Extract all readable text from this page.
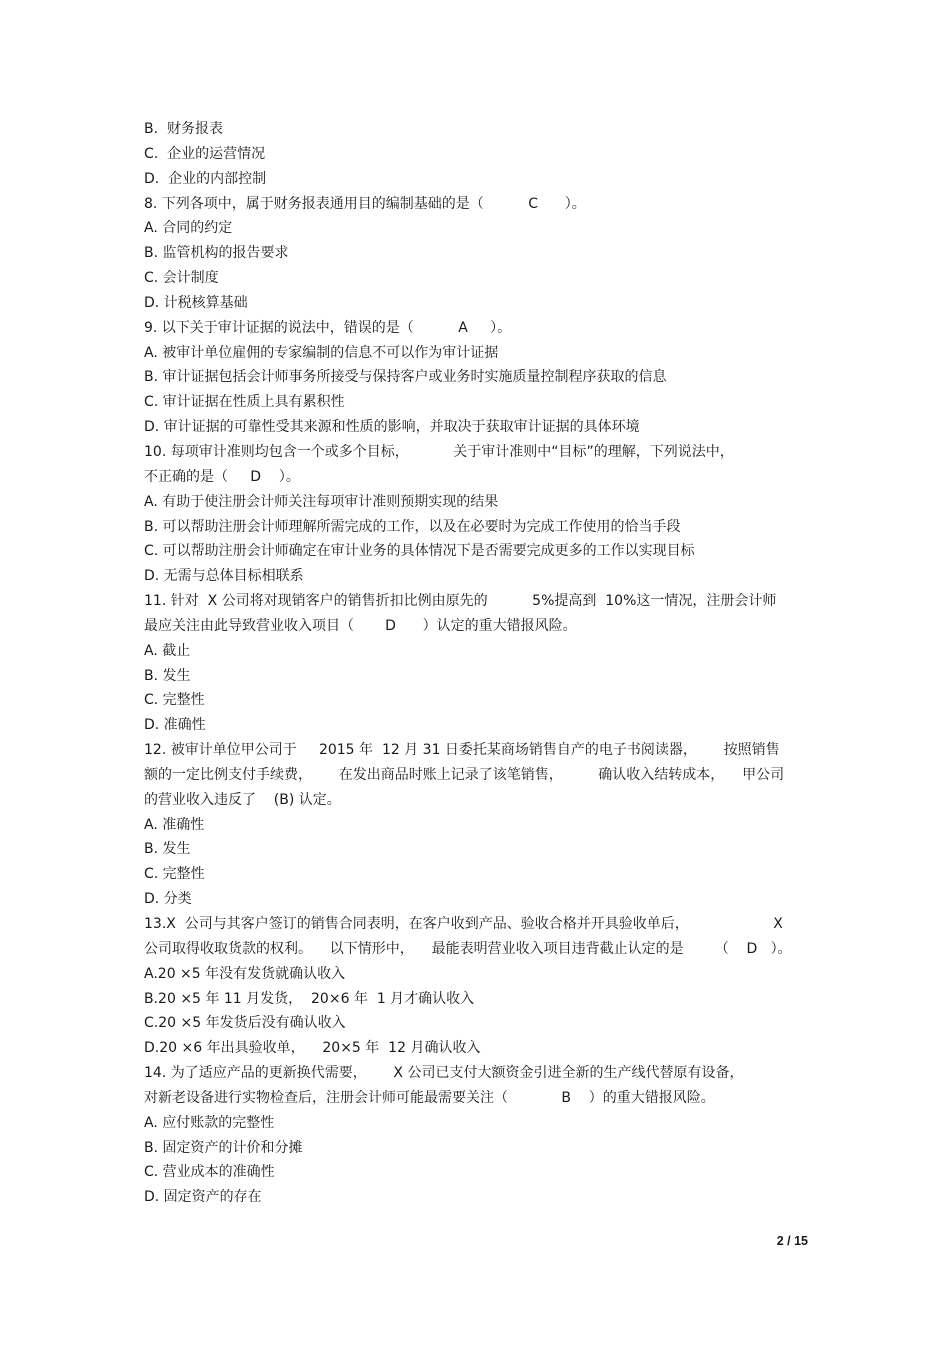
B.  财务报表
C.  企业的运营情况
D.  企业的内部控制
8. 下列各项中，属于财务报表通用目的编制基础的是（          C      ）。
A. 合同的约定
B. 监管机构的报告要求
C. 会计制度
D. 计税核算基础
9. 以下关于审计证据的说法中，错误的是（          A     ）。
A. 被审计单位雇佣的专家编制的信息不可以作为审计证据
B. 审计证据包括会计师事务所接受与保持客户或业务时实施质量控制程序获取的信息
C. 审计证据在性质上具有累积性
D. 审计证据的可靠性受其来源和性质的影响，并取决于获取审计证据的具体环境
10. 每项审计准则均包含一个或多个目标，          关于审计准则中“目标”的理解，下列说法中，
不正确的是（     D    ）。
A. 有助于使注册会计师关注每项审计准则预期实现的结果
B. 可以帮助注册会计师理解所需完成的工作，以及在必要时为完成工作使用的恰当手段
C. 可以帮助注册会计师确定在审计业务的具体情况下是否需要完成更多的工作以实现目标
D. 无需与总体目标相联系
11. 针对  X 公司将对现销客户的销售折扣比例由原先的          5%提高到  10%这一情况，注册会计师
最应关注由此导致营业收入项目（       D      ）认定的重大错报风险。
A. 截止
B. 发生
C. 完整性
D. 准确性
12. 被审计单位甲公司于     2015 年  12 月 31 日委托某商场销售自产的电子书阅读器，      按照销售
额的一定比例支付手续费，      在发出商品时账上记录了该笔销售，        确认收入结转成本，    甲公司
的营业收入违反了    (B) 认定。
A. 准确性
B. 发生
C. 完整性
D. 分类
13.X  公司与其客户签订的销售合同表明，在客户收到产品、验收合格并开具验收单后，                   X
公司取得收取货款的权利。    以下情形中，    最能表明营业收入项目违背截止认定的是       （    D   ）。
A.20 ×5 年没有发货就确认收入
B.20 ×5 年 11 月发货，  20×6 年  1 月才确认收入
C.20 ×5 年发货后没有确认收入
D.20 ×6 年出具验收单，    20×5 年  12 月确认收入
14. 为了适应产品的更新换代需要，      X 公司已支付大额资金引进全新的生产线代替原有设备，
对新老设备进行实物检查后，注册会计师可能最需要关注（            B    ）的重大错报风险。
A. 应付账款的完整性
B. 固定资产的计价和分摊
C. 营业成本的准确性
D. 固定资产的存在
2 / 15
